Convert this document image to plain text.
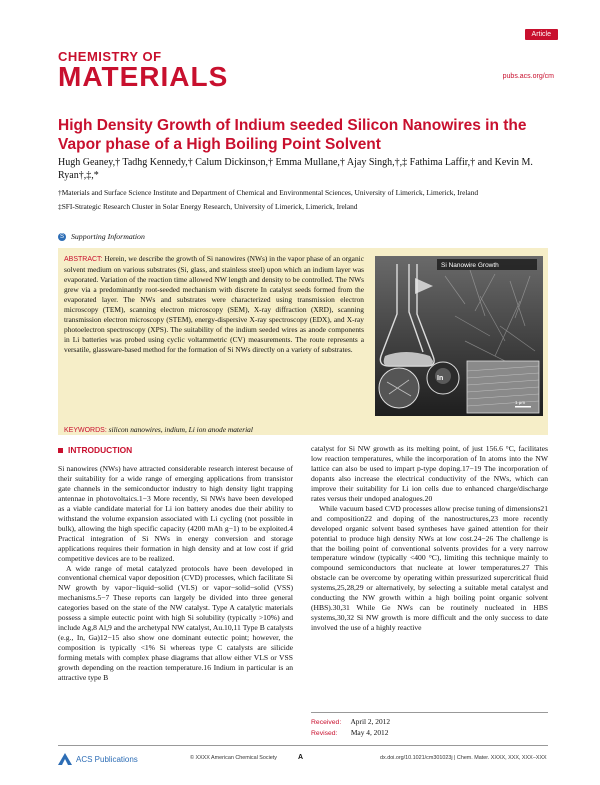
CHEMISTRY OF
MATERIALS
Article
pubs.acs.org/cm
High Density Growth of Indium seeded Silicon Nanowires in the Vapor phase of a High Boiling Point Solvent
Hugh Geaney,† Tadhg Kennedy,† Calum Dickinson,† Emma Mullane,† Ajay Singh,†,‡ Fathima Laffir,† and Kevin M. Ryan†,‡,*

†Materials and Surface Science Institute and Department of Chemical and Environmental Sciences, University of Limerick, Limerick, Ireland

‡SFI-Strategic Research Cluster in Solar Energy Research, University of Limerick, Limerick, Ireland

S Supporting Information
ABSTRACT: Herein, we describe the growth of Si nanowires (NWs) in the vapor phase of an organic solvent medium on various substrates (Si, glass, and stainless steel) upon which an indium layer was evaporated. Variation of the reaction time allowed NW length and density to be controlled. The NWs grew via a predominantly root-seeded mechanism with discrete In catalyst seeds formed from the evaporated layer. The NWs and substrates were characterized using transmission electron microscopy (TEM), scanning electron microscopy (SEM), X-ray diffraction (XRD), scanning transmission electron microscopy (STEM), energy-dispersive X-ray spectroscopy (EDX), and X-ray photoelectron spectroscopy (XPS). The suitability of the indium seeded wires as anode components in Li batteries was probed using cyclic voltammetric (CV) measurements. The route represents a versatile, glassware-based method for the formation of Si NWs directly on a variety of substrates.
Si Nanowire Growth
In
1 μm
KEYWORDS: silicon nanowires, indium, Li ion anode material
INTRODUCTION

Si nanowires (NWs) have attracted considerable research interest because of their suitability for a wide range of emerging applications from transistor gate channels in the semiconductor industry to high density light trapping antennae in photovoltaics.1−3 More recently, Si NWs have been developed as a viable candidate material for Li ion battery anodes due their ability to withstand the volume expansion associated with Li cycling (not possible in bulk), allowing the high specific capacity (4200 mAh g−1) to be exploited.4 Practical integration of Si NWs in energy conversion and storage applications requires their formation in high density and at low cost if grid competitive devices are to be realized.

A wide range of metal catalyzed protocols have been developed in conventional chemical vapor deposition (CVD) processes, which facilitate Si NW growth by vapor−liquid−solid (VLS) or vapor−solid−solid (VSS) mechanisms.5−7 These reports can largely be divided into three general categories based on the state of the NW catalyst. Type A catalytic materials possess a simple eutectic point with high Si solubility (typically >10%) and include Ag,8 Al,9 and the archetypal NW catalyst, Au.10,11 Type B catalysts (e.g., In, Ga)12−15 also show one dominant eutectic point; however, the composition is typically <1% Si whereas type C catalysts are silicide forming metals with complex phase diagrams that allow either VLS or VSS growth depending on the reaction temperature.16 Indium in particular is an attractive type B

catalyst for Si NW growth as its melting point, of just 156.6 °C, facilitates low reaction temperatures, while the incorporation of In atoms into the NW lattice can also be used to impart p-type doping.17−19 The incorporation of dopants also increase the electrical conductivity of the NWs, which can improve their suitability for Li ion cells due to enhanced charge/discharge rates versus their undoped analogues.20

While vacuum based CVD processes allow precise tuning of dimensions21 and composition22 and doping of the nanostructures,23 more recently developed organic solvent based syntheses have gained attention for their potential to produce high density NWs at low cost.24−26 The challenge is that the boiling point of conventional solvents provides for a very narrow temperature window (typically <400 °C), limiting this technique mainly to compound semiconductors that nucleate at lower temperatures.27 This obstacle can be overcome by operating within pressurized supercritical fluid systems,25,28,29 or alternatively, by selecting a suitable metal catalyst and conducting the NW growth within a high boiling point organic solvent (HBS).30,31 While Ge NWs can be routinely nucleated in HBS systems,30,32 Si NW growth is more difficult and the only success to date involved the use of a highly reactive

Received: April 2, 2012
Revised: May 4, 2012
ACS Publications	© XXXX American Chemical Society	A	dx.doi.org/10.1021/cm301023j | Chem. Mater. XXXX, XXX, XXX−XXX
